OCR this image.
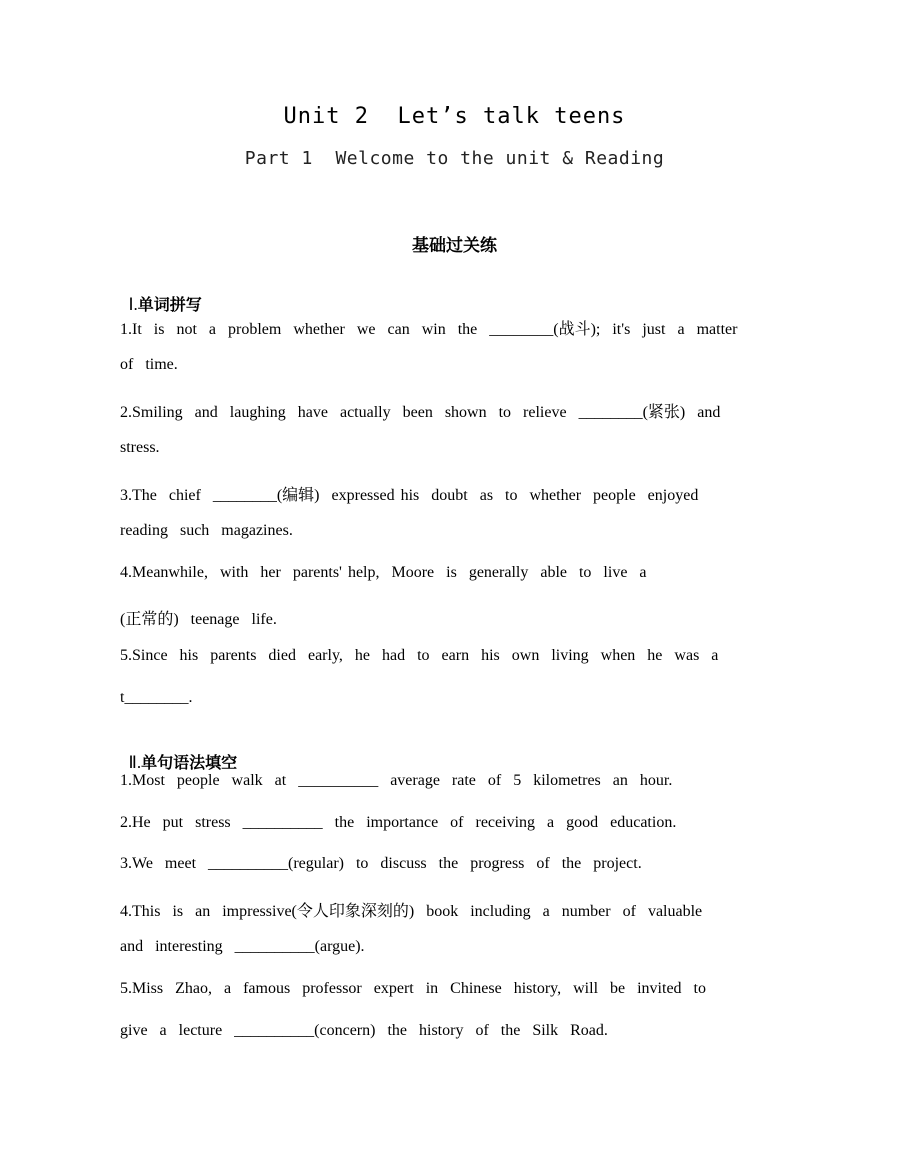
Unit 2  Let’s talk teens
Part 1  Welcome to the unit & Reading
基础过关练

Ⅰ.单词拼写

1.It  is  not  a  problem  whether  we  can  win  the  ________(战斗);  it's  just  a  matter
of  time.
2.Smiling  and  laughing  have  actually  been  shown  to  relieve  ________(紧张)  and
stress.
3.The  chief  ________(编辑)  expressed his  doubt  as  to  whether  people  enjoyed
reading  such  magazines.
4.Meanwhile,  with  her  parents' help,  Moore  is  generally  able  to  live  a
(正常的)  teenage  life.
5.Since  his  parents  died  early,  he  had  to  earn  his  own  living  when  he  was  a
t________.

Ⅱ.单句语法填空

1.Most  people  walk  at  __________  average  rate  of  5  kilometres  an  hour.
2.He  put  stress  __________  the  importance  of  receiving  a  good  education.
3.We  meet  __________(regular)  to  discuss  the  progress  of  the  project.
4.This  is  an  impressive(令人印象深刻的)  book  including  a  number  of  valuable
and  interesting  __________(argue).
5.Miss  Zhao,  a  famous  professor  expert  in  Chinese  history,  will  be  invited  to
give  a  lecture  __________(concern)  the  history  of  the  Silk  Road.
